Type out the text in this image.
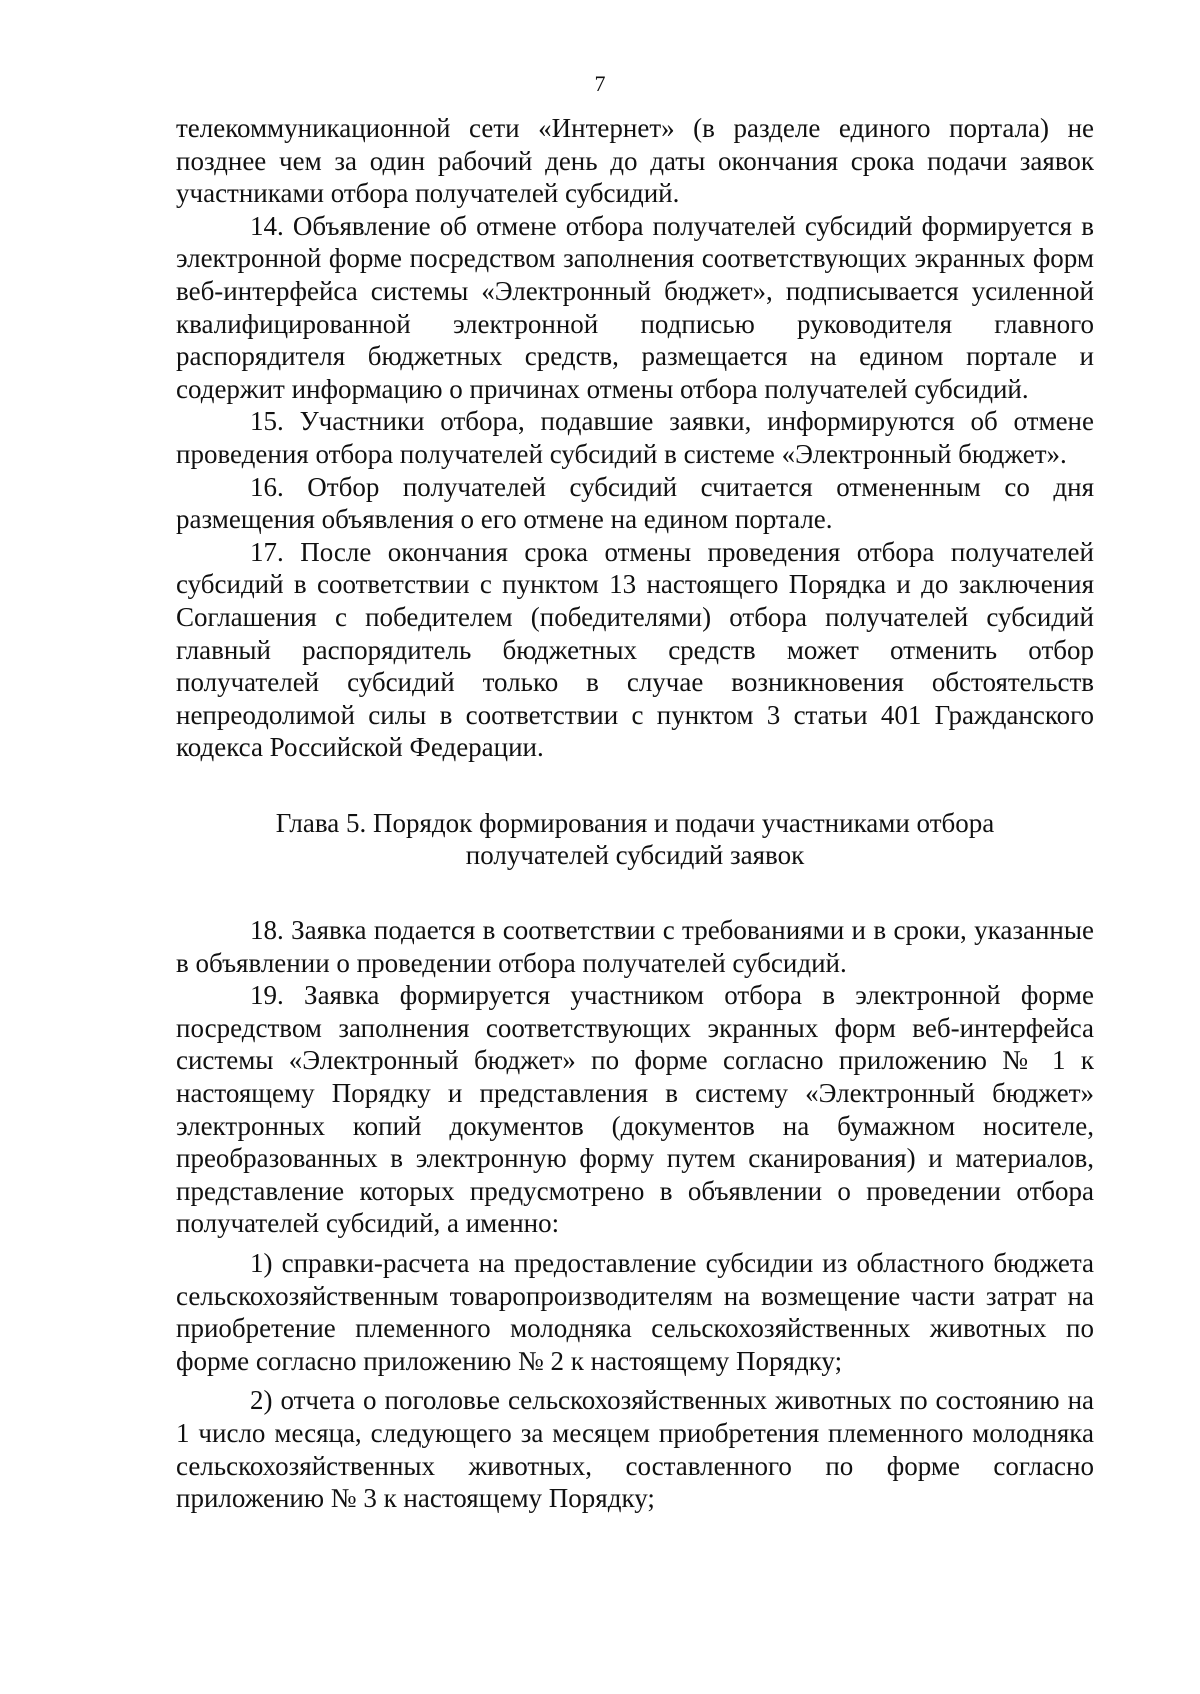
7

телекоммуникационной сети «Интернет» (в разделе единого портала) не позднее чем за один рабочий день до даты окончания срока подачи заявок участниками отбора получателей субсидий.

14. Объявление об отмене отбора получателей субсидий формируется в электронной форме посредством заполнения соответствующих экранных форм веб-интерфейса системы «Электронный бюджет», подписывается усиленной квалифицированной электронной подписью руководителя главного распорядителя бюджетных средств, размещается на едином портале и содержит информацию о причинах отмены отбора получателей субсидий.

15. Участники отбора, подавшие заявки, информируются об отмене проведения отбора получателей субсидий в системе «Электронный бюджет».

16. Отбор получателей субсидий считается отмененным со дня размещения объявления о его отмене на едином портале.

17. После окончания срока отмены проведения отбора получателей субсидий в соответствии с пунктом 13 настоящего Порядка и до заключения Соглашения с победителем (победителями) отбора получателей субсидий главный распорядитель бюджетных средств может отменить отбор получателей субсидий только в случае возникновения обстоятельств непреодолимой силы в соответствии с пунктом 3 статьи 401 Гражданского кодекса Российской Федерации.

Глава 5. Порядок формирования и подачи участниками отбора
получателей субсидий заявок

18. Заявка подается в соответствии с требованиями и в сроки, указанные в объявлении о проведении отбора получателей субсидий.

19. Заявка формируется участником отбора в электронной форме посредством заполнения соответствующих экранных форм веб-интерфейса системы «Электронный бюджет» по форме согласно приложению № 1 к настоящему Порядку и представления в систему «Электронный бюджет» электронных копий документов (документов на бумажном носителе, преобразованных в электронную форму путем сканирования) и материалов, представление которых предусмотрено в объявлении о проведении отбора получателей субсидий, а именно:

1) справки-расчета на предоставление субсидии из областного бюджета сельскохозяйственным товаропроизводителям на возмещение части затрат на приобретение племенного молодняка сельскохозяйственных животных по форме согласно приложению № 2 к настоящему Порядку;

2) отчета о поголовье сельскохозяйственных животных по состоянию на 1 число месяца, следующего за месяцем приобретения племенного молодняка сельскохозяйственных животных, составленного по форме согласно приложению № 3 к настоящему Порядку;
